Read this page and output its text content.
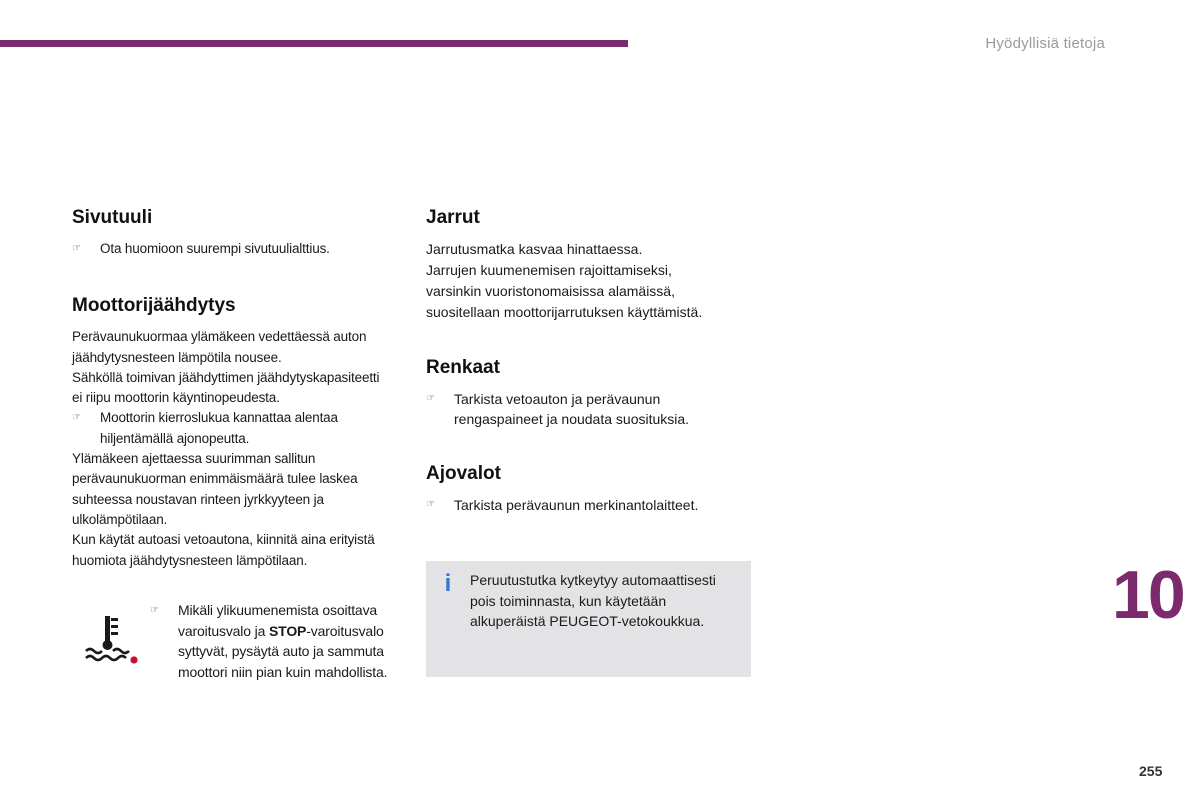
Hyödyllisiä tietoja
Sivutuuli

☞ Ota huomioon suurempi sivutuulialttius.

Moottorijäähdytys

Perävaunukuormaa ylämäkeen vedettäessä auton
jäähdytysnesteen lämpötila nousee.
Sähköllä toimivan jäähdyttimen jäähdytyskapasiteetti
ei riipu moottorin käyntinopeudesta.

☞ Moottorin kierroslukua kannattaa alentaa
hiljentämällä ajonopeutta.

Ylämäkeen ajettaessa suurimman sallitun
perävaunukuorman enimmäismäärä tulee laskea
suhteessa noustavan rinteen jyrkkyyteen ja
ulkolämpötilaan.
Kun käytät autoasi vetoautona, kiinnitä aina erityistä
huomiota jäähdytysnesteen lämpötilaan.

☞ Mikäli ylikuumenemista osoittava
varoitusvalo ja STOP-varoitusvalo
syttyvät, pysäytä auto ja sammuta
moottori niin pian kuin mahdollista.
Jarrut

Jarrutusmatka kasvaa hinattaessa.
Jarrujen kuumenemisen rajoittamiseksi,
varsinkin vuoristonomaisissa alamäissä,
suositellaan moottorijarrutuksen käyttämistä.

Renkaat

☞ Tarkista vetoauton ja perävaunun
rengaspaineet ja noudata suosituksia.

Ajovalot

☞ Tarkista perävaunun merkinantolaitteet.

i Peruutustutka kytkeytyy automaattisesti
pois toiminnasta, kun käytetään
alkuperäistä PEUGEOT-vetokoukkua.	10
255
